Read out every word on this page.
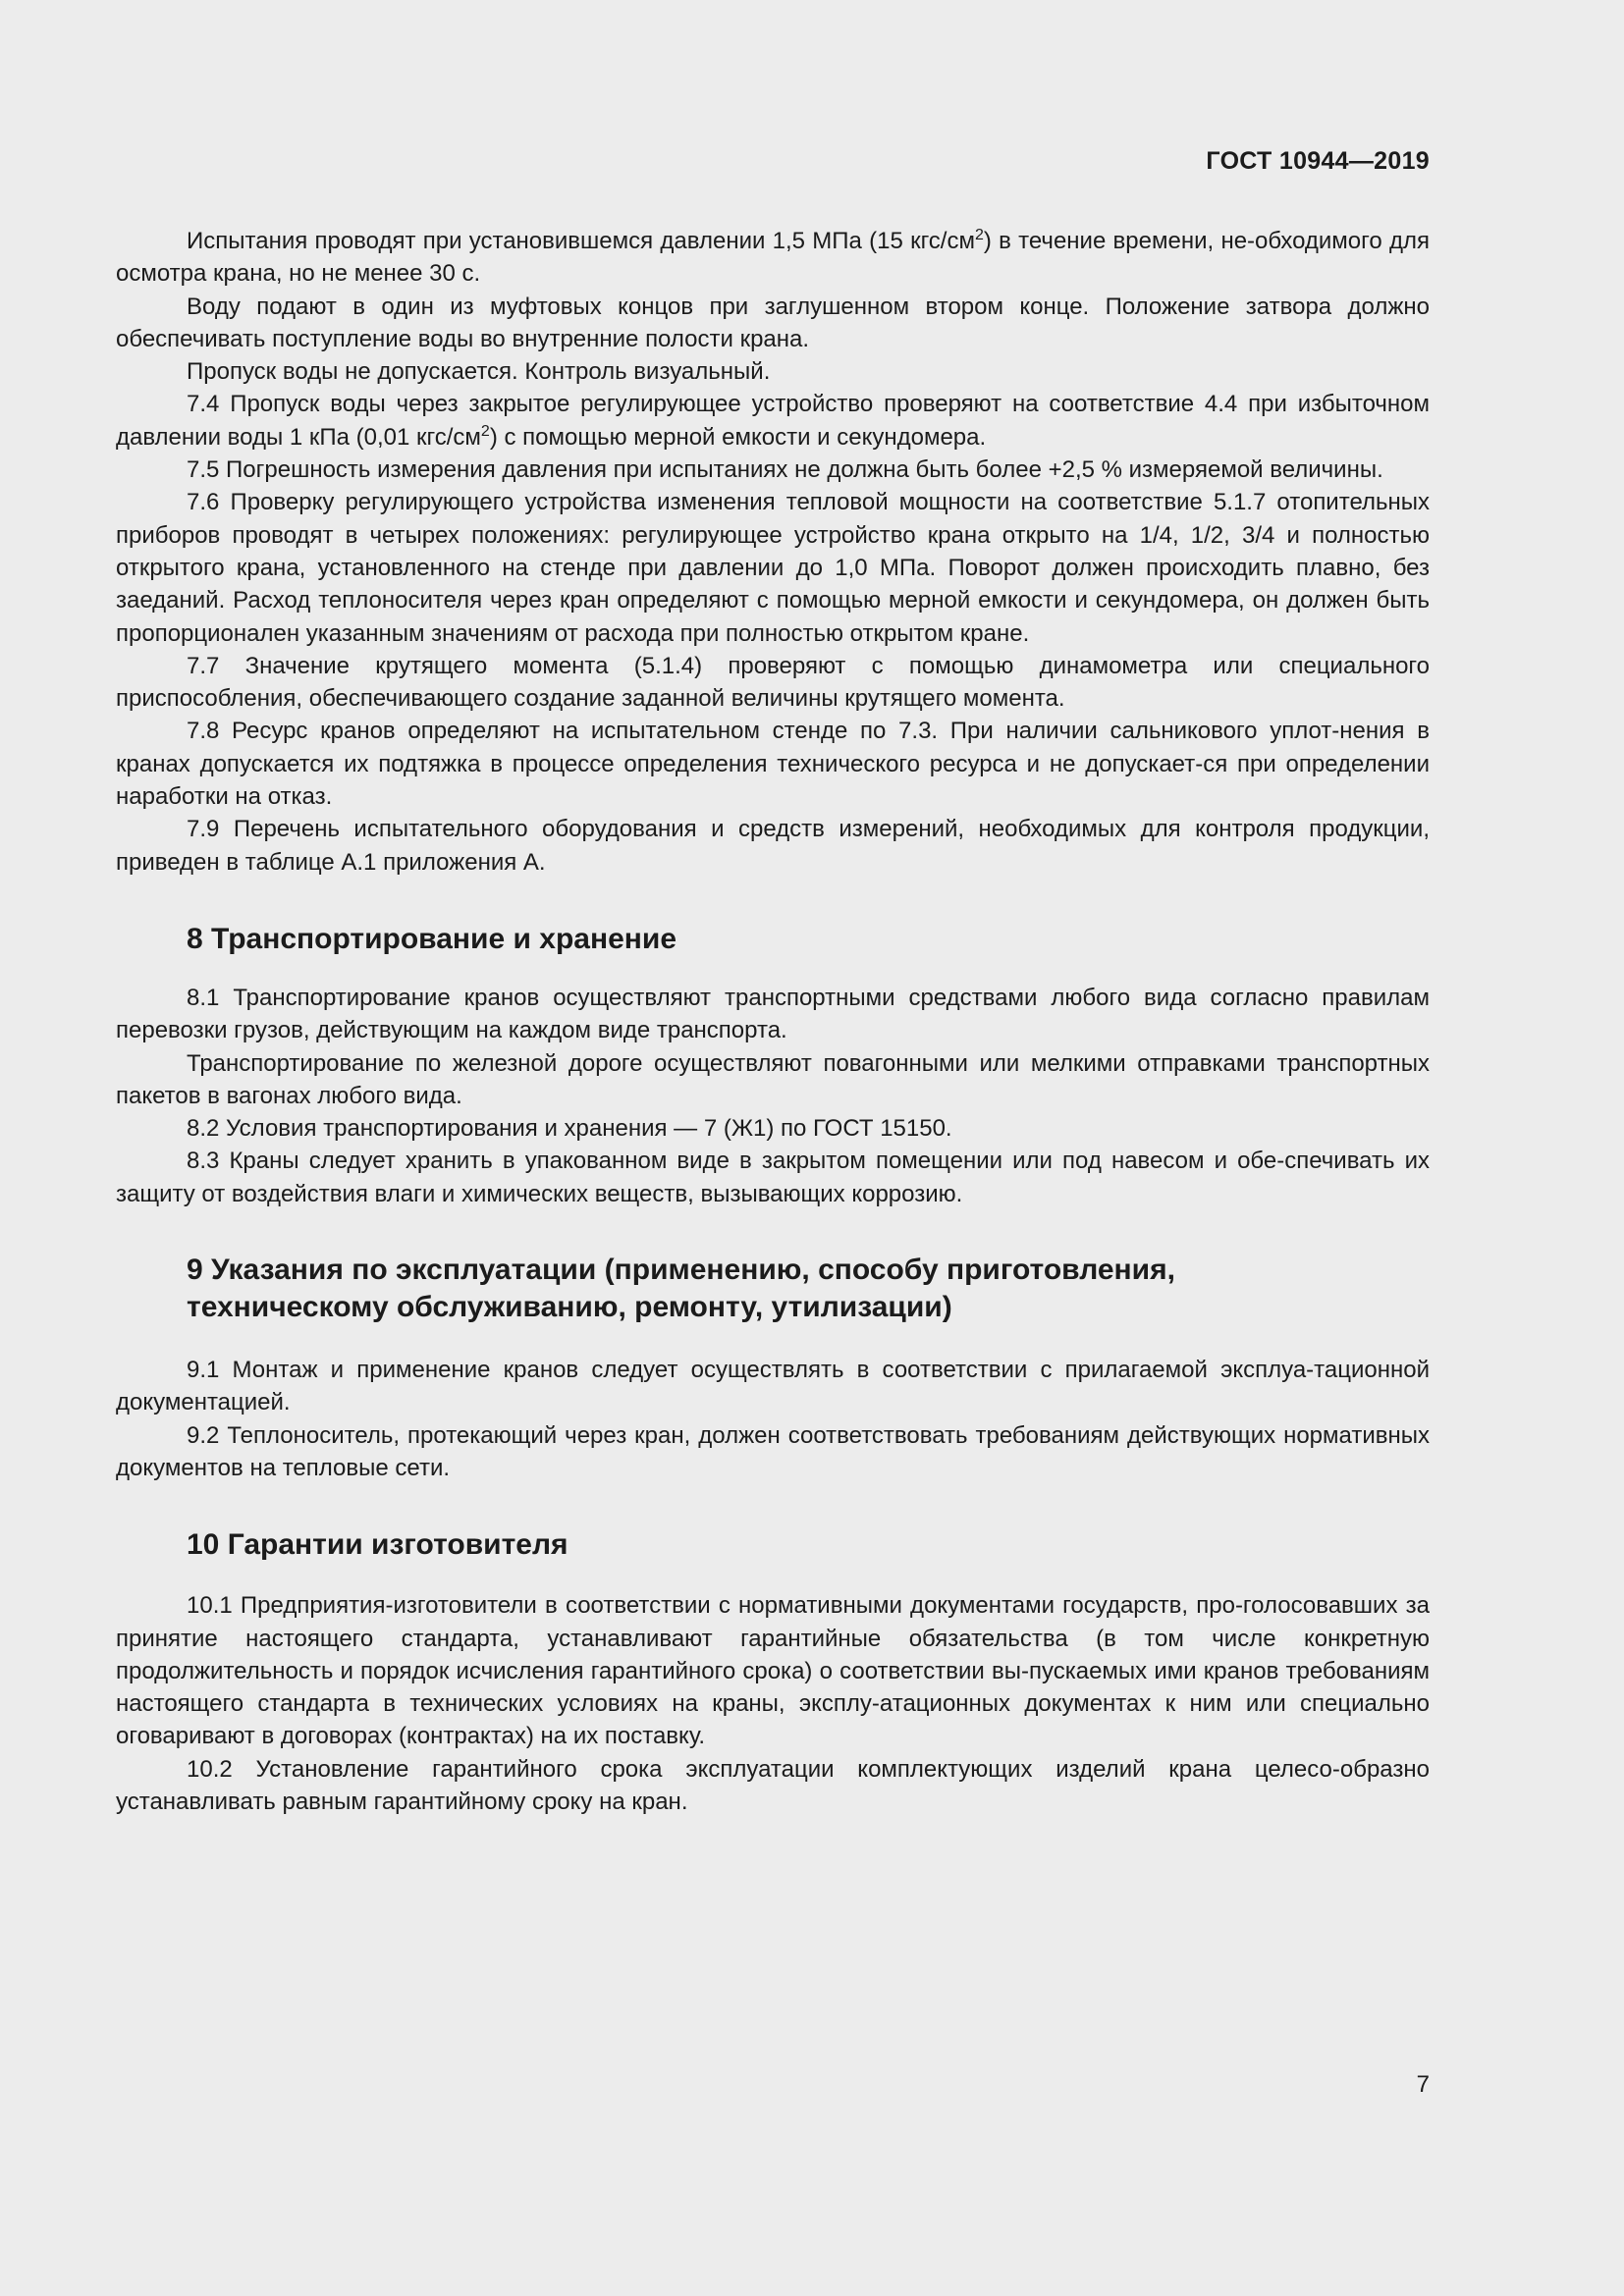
ГОСТ 10944—2019

Испытания проводят при установившемся давлении 1,5 МПа (15 кгс/$см^2$) в течение времени, не-обходимого для осмотра крана, но не менее 30 с.

Воду подают в один из муфтовых концов при заглушенном втором конце. Положение затвора должно обеспечивать поступление воды во внутренние полости крана.

Пропуск воды не допускается. Контроль визуальный.

7.4 Пропуск воды через закрытое регулирующее устройство проверяют на соответствие 4.4 при избыточном давлении воды 1 кПа (0,01 кгс/$см^2$) с помощью мерной емкости и секундомера.

7.5 Погрешность измерения давления при испытаниях не должна быть более +2,5 % измеряемой величины.

7.6 Проверку регулирующего устройства изменения тепловой мощности на соответствие 5.1.7 отопительных приборов проводят в четырех положениях: регулирующее устройство крана открыто на 1/4, 1/2, 3/4 и полностью открытого крана, установленного на стенде при давлении до 1,0 МПа. Поворот должен происходить плавно, без заеданий. Расход теплоносителя через кран определяют с помощью мерной емкости и секундомера, он должен быть пропорционален указанным значениям от расхода при полностью открытом кране.

7.7 Значение крутящего момента (5.1.4) проверяют с помощью динамометра или специального приспособления, обеспечивающего создание заданной величины крутящего момента.

7.8 Ресурс кранов определяют на испытательном стенде по 7.3. При наличии сальникового уплот-нения в кранах допускается их подтяжка в процессе определения технического ресурса и не допускает-ся при определении наработки на отказ.

7.9 Перечень испытательного оборудования и средств измерений, необходимых для контроля продукции, приведен в таблице А.1 приложения А.

8 Транспортирование и хранение

8.1 Транспортирование кранов осуществляют транспортными средствами любого вида согласно правилам перевозки грузов, действующим на каждом виде транспорта.

Транспортирование по железной дороге осуществляют повагонными или мелкими отправками транспортных пакетов в вагонах любого вида.

8.2 Условия транспортирования и хранения — 7 (Ж1) по ГОСТ 15150.

8.3 Краны следует хранить в упакованном виде в закрытом помещении или под навесом и обе-спечивать их защиту от воздействия влаги и химических веществ, вызывающих коррозию.

9 Указания по эксплуатации (применению, способу приготовления,
техническому обслуживанию, ремонту, утилизации)

9.1 Монтаж и применение кранов следует осуществлять в соответствии с прилагаемой эксплуа-тационной документацией.

9.2 Теплоноситель, протекающий через кран, должен соответствовать требованиям действующих нормативных документов на тепловые сети.

10 Гарантии изготовителя

10.1 Предприятия-изготовители в соответствии с нормативными документами государств, про-голосовавших за принятие настоящего стандарта, устанавливают гарантийные обязательства (в том числе конкретную продолжительность и порядок исчисления гарантийного срока) о соответствии вы-пускаемых ими кранов требованиям настоящего стандарта в технических условиях на краны, эксплу-атационных документах к ним или специально оговаривают в договорах (контрактах) на их поставку.

10.2 Установление гарантийного срока эксплуатации комплектующих изделий крана целесо-образно устанавливать равным гарантийному сроку на кран.

7
